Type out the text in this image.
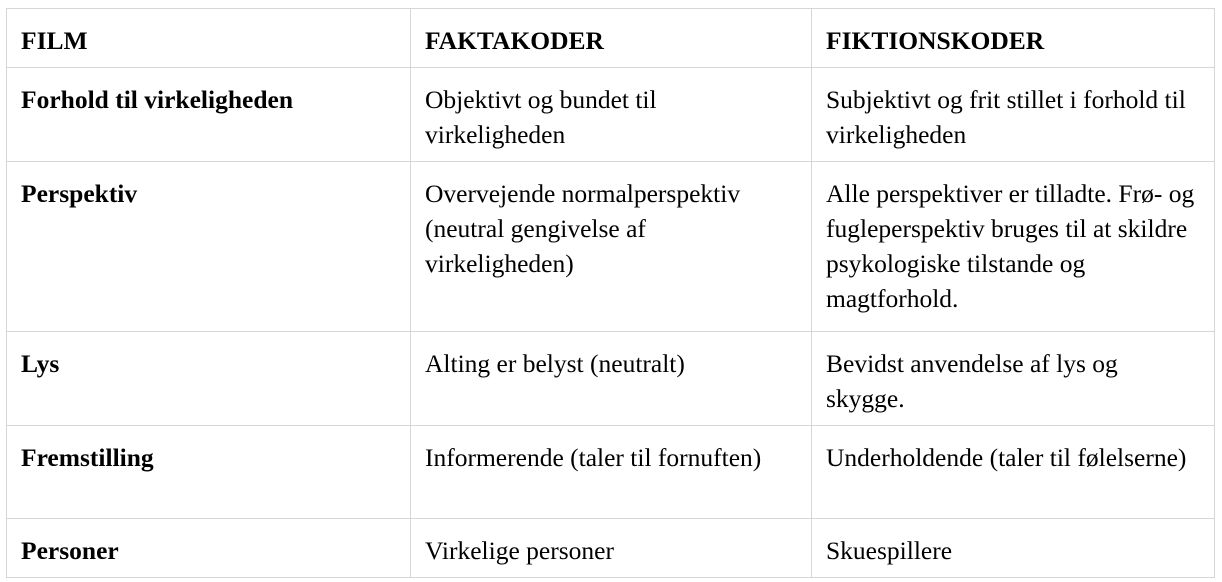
FILM	FAKTAKODER	FIKTIONSKODER
Forhold til virkeligheden	Objektivt og bundet til virkeligheden	Subjektivt og frit stillet i forhold til virkeligheden
Perspektiv	Overvejende normalperspektiv (neutral gengivelse af virkeligheden)	Alle perspektiver er tilladte. Frø- og fugleperspektiv bruges til at skildre psykologiske tilstande og magtforhold.
Lys	Alting er belyst (neutralt)	Bevidst anvendelse af lys og skygge.
Fremstilling	Informerende (taler til fornuften)	Underholdende (taler til følelserne)
Personer	Virkelige personer	Skuespillere
